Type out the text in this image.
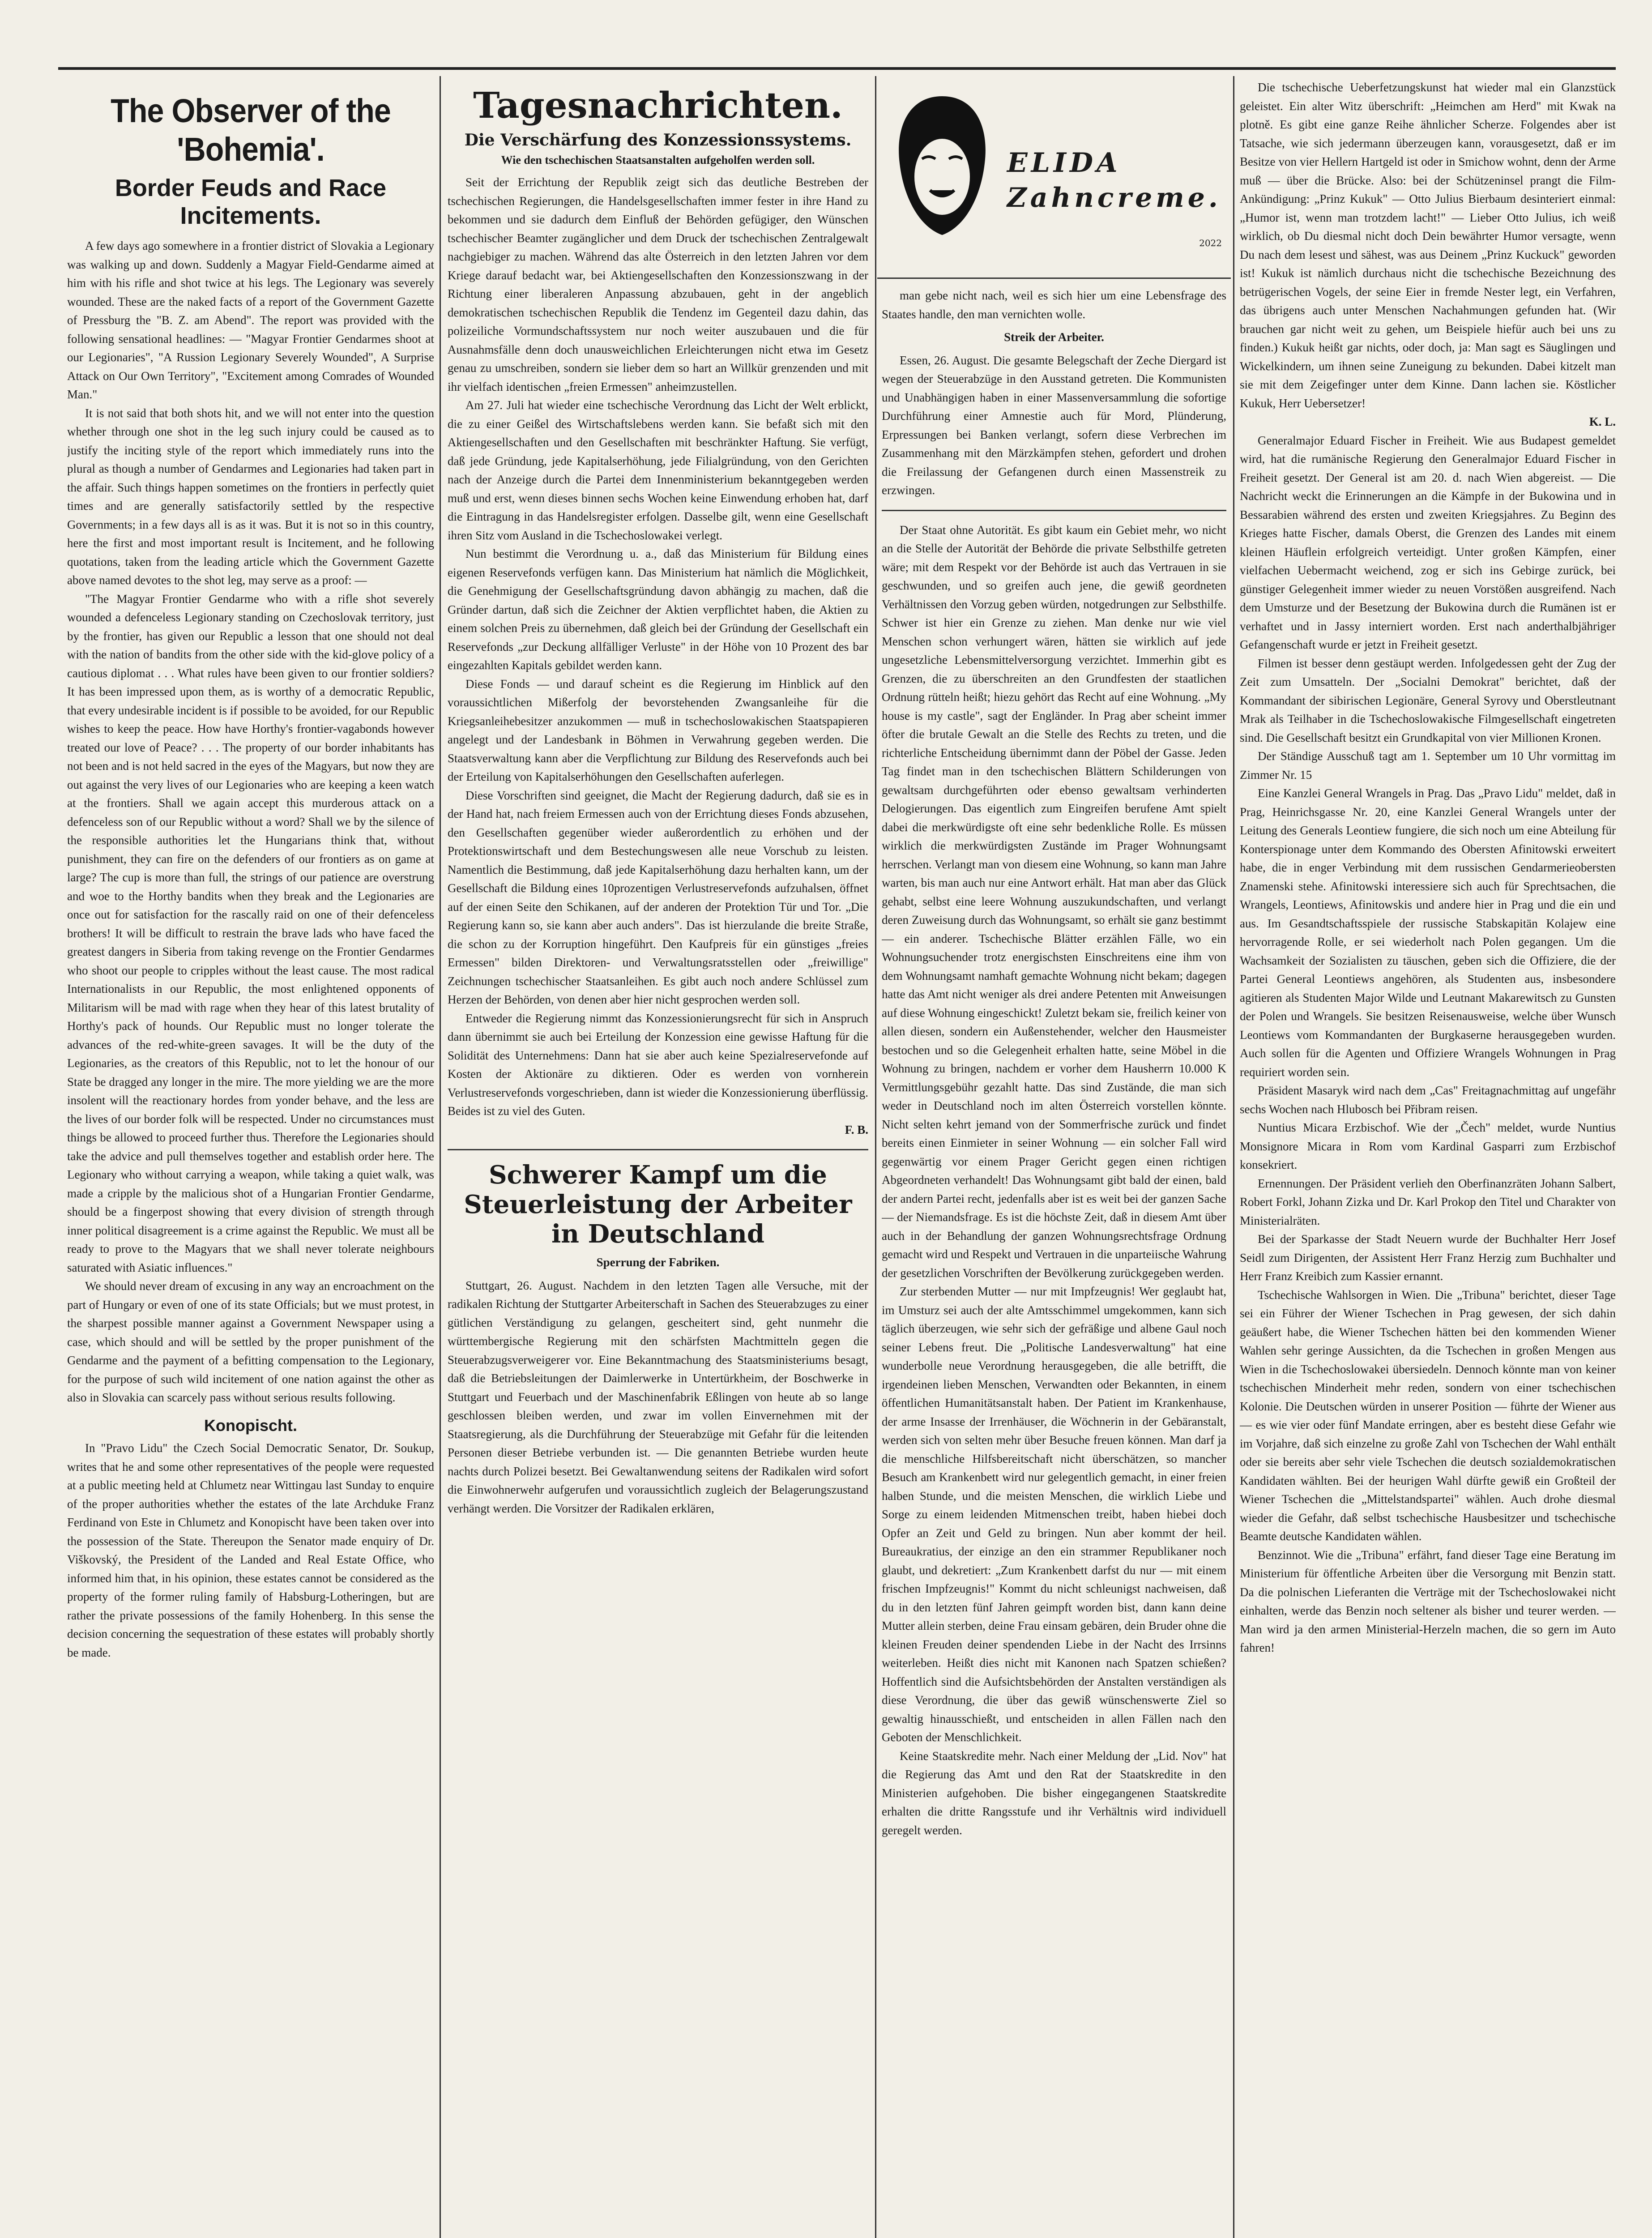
The Observer of the 'Bohemia'.
Border Feuds and Race Incitements.

A few days ago somewhere in a frontier district of Slovakia a Legionary was walking up and down. Suddenly a Magyar Field-Gendarme aimed at him with his rifle and shot twice at his legs. The Legionary was severely wounded. These are the naked facts of a report of the Government Gazette of Pressburg the "B. Z. am Abend". The report was provided with the following sensational headlines: — "Magyar Frontier Gendarmes shoot at our Legionaries", "A Russion Legionary Severely Wounded", A Surprise Attack on Our Own Territory", "Excitement among Comrades of Wounded Man."

It is not said that both shots hit, and we will not enter into the question whether through one shot in the leg such injury could be caused as to justify the inciting style of the report which immediately runs into the plural as though a number of Gendarmes and Legionaries had taken part in the affair. Such things happen sometimes on the frontiers in perfectly quiet times and are generally satisfactorily settled by the respective Governments; in a few days all is as it was. But it is not so in this country, here the first and most important result is Incitement, and he following quotations, taken from the leading article which the Government Gazette above named devotes to the shot leg, may serve as a proof: —

"The Magyar Frontier Gendarme who with a rifle shot severely wounded a defenceless Legionary standing on Czechoslovak territory, just by the frontier, has given our Republic a lesson that one should not deal with the nation of bandits from the other side with the kid-glove policy of a cautious diplomat . . . What rules have been given to our frontier soldiers? It has been impressed upon them, as is worthy of a democratic Republic, that every undesirable incident is if possible to be avoided, for our Republic wishes to keep the peace. How have Horthy's frontier-vagabonds however treated our love of Peace? . . . The property of our border inhabitants has not been and is not held sacred in the eyes of the Magyars, but now they are out against the very lives of our Legionaries who are keeping a keen watch at the frontiers. Shall we again accept this murderous attack on a defenceless son of our Republic without a word? Shall we by the silence of the responsible authorities let the Hungarians think that, without punishment, they can fire on the defenders of our frontiers as on game at large? The cup is more than full, the strings of our patience are overstrung and woe to the Horthy bandits when they break and the Legionaries are once out for satisfaction for the rascally raid on one of their defenceless brothers! It will be difficult to restrain the brave lads who have faced the greatest dangers in Siberia from taking revenge on the Frontier Gendarmes who shoot our people to cripples without the least cause. The most radical Internationalists in our Republic, the most enlightened opponents of Militarism will be mad with rage when they hear of this latest brutality of Horthy's pack of hounds. Our Republic must no longer tolerate the advances of the red-white-green savages. It will be the duty of the Legionaries, as the creators of this Republic, not to let the honour of our State be dragged any longer in the mire. The more yielding we are the more insolent will the reactionary hordes from yonder behave, and the less are the lives of our border folk will be respected. Under no circumstances must things be allowed to proceed further thus. Therefore the Legionaries should take the advice and pull themselves together and establish order here. The Legionary who without carrying a weapon, while taking a quiet walk, was made a cripple by the malicious shot of a Hungarian Frontier Gendarme, should be a fingerpost showing that every division of strength through inner political disagreement is a crime against the Republic. We must all be ready to prove to the Magyars that we shall never tolerate neighbours saturated with Asiatic influences."

We should never dream of excusing in any way an encroachment on the part of Hungary or even of one of its state Officials; but we must protest, in the sharpest possible manner against a Government Newspaper using a case, which should and will be settled by the proper punishment of the Gendarme and the payment of a befitting compensation to the Legionary, for the purpose of such wild incitement of one nation against the other as also in Slovakia can scarcely pass without serious results following.

Konopischt.

In "Pravo Lidu" the Czech Social Democratic Senator, Dr. Soukup, writes that he and some other representatives of the people were requested at a public meeting held at Chlumetz near Wittingau last Sunday to enquire of the proper authorities whether the estates of the late Archduke Franz Ferdinand von Este in Chlumetz and Konopischt have been taken over into the possession of the State. Thereupon the Senator made enquiry of Dr. Viškovský, the President of the Landed and Real Estate Office, who informed him that, in his opinion, these estates cannot be considered as the property of the former ruling family of Habsburg-Lotheringen, but are rather the private possessions of the family Hohenberg. In this sense the decision concerning the sequestration of these estates will probably shortly be made.

Tagesnachrichten.
Die Verschärfung des Konzessionssystems.
Wie den tschechischen Staatsanstalten aufgeholfen werden soll.

Seit der Errichtung der Republik zeigt sich das deutliche Bestreben der tschechischen Regierungen, die Handelsgesellschaften immer fester in ihre Hand zu bekommen und sie dadurch dem Einfluß der Behörden gefügiger, den Wünschen tschechischer Beamter zugänglicher und dem Druck der tschechischen Zentralgewalt nachgiebiger zu machen. Während das alte Österreich in den letzten Jahren vor dem Kriege darauf bedacht war, bei Aktiengesellschaften den Konzessionszwang in der Richtung einer liberaleren Anpassung abzubauen, geht in der angeblich demokratischen tschechischen Republik die Tendenz im Gegenteil dazu dahin, das polizeiliche Vormundschaftssystem nur noch weiter auszubauen und die für Ausnahmsfälle denn doch unausweichlichen Erleichterungen nicht etwa im Gesetz genau zu umschreiben, sondern sie lieber dem so hart an Willkür grenzenden und mit ihr vielfach identischen „freien Ermessen" anheimzustellen.

Am 27. Juli hat wieder eine tschechische Verordnung das Licht der Welt erblickt, die zu einer Geißel des Wirtschaftslebens werden kann. Sie befaßt sich mit den Aktiengesellschaften und den Gesellschaften mit beschränkter Haftung. Sie verfügt, daß jede Gründung, jede Kapitalserhöhung, jede Filialgründung, von den Gerichten nach der Anzeige durch die Partei dem Innenministerium bekanntgegeben werden muß und erst, wenn dieses binnen sechs Wochen keine Einwendung erhoben hat, darf die Eintragung in das Handelsregister erfolgen. Dasselbe gilt, wenn eine Gesellschaft ihren Sitz vom Ausland in die Tschechoslowakei verlegt.

Nun bestimmt die Verordnung u. a., daß das Ministerium für Bildung eines eigenen Reservefonds verfügen kann. Das Ministerium hat nämlich die Möglichkeit, die Genehmigung der Gesellschaftsgründung davon abhängig zu machen, daß die Gründer dartun, daß sich die Zeichner der Aktien verpflichtet haben, die Aktien zu einem solchen Preis zu übernehmen, daß gleich bei der Gründung der Gesellschaft ein Reservefonds „zur Deckung allfälliger Verluste" in der Höhe von 10 Prozent des bar eingezahlten Kapitals gebildet werden kann.

Diese Fonds — und darauf scheint es die Regierung im Hinblick auf den voraussichtlichen Mißerfolg der bevorstehenden Zwangsanleihe für die Kriegsanleihebesitzer anzukommen — muß in tschechoslowakischen Staatspapieren angelegt und der Landesbank in Böhmen in Verwahrung gegeben werden. Die Staatsverwaltung kann aber die Verpflichtung zur Bildung des Reservefonds auch bei der Erteilung von Kapitalserhöhungen den Gesellschaften auferlegen.

Diese Vorschriften sind geeignet, die Macht der Regierung dadurch, daß sie es in der Hand hat, nach freiem Ermessen auch von der Errichtung dieses Fonds abzusehen, den Gesellschaften gegenüber wieder außerordentlich zu erhöhen und der Protektionswirtschaft und dem Bestechungswesen alle neue Vorschub zu leisten. Namentlich die Bestimmung, daß jede Kapitalserhöhung dazu herhalten kann, um der Gesellschaft die Bildung eines 10prozentigen Verlustreservefonds aufzuhalsen, öffnet auf der einen Seite den Schikanen, auf der anderen der Protektion Tür und Tor. „Die Regierung kann so, sie kann aber auch anders". Das ist hierzulande die breite Straße, die schon zu der Korruption hingeführt. Den Kaufpreis für ein günstiges „freies Ermessen" bilden Direktoren- und Verwaltungsratsstellen oder „freiwillige" Zeichnungen tschechischer Staatsanleihen. Es gibt auch noch andere Schlüssel zum Herzen der Behörden, von denen aber hier nicht gesprochen werden soll.

Entweder die Regierung nimmt das Konzessionierungsrecht für sich in Anspruch dann übernimmt sie auch bei Erteilung der Konzession eine gewisse Haftung für die Solidität des Unternehmens: Dann hat sie aber auch keine Spezialreservefonde auf Kosten der Aktionäre zu diktieren. Oder es werden von vornherein Verlustreservefonds vorgeschrieben, dann ist wieder die Konzessionierung überflüssig. Beides ist zu viel des Guten.

F. B.
Schwerer Kampf um die Steuerleistung der Arbeiter in Deutschland
Sperrung der Fabriken.

Stuttgart, 26. August. Nachdem in den letzten Tagen alle Versuche, mit der radikalen Richtung der Stuttgarter Arbeiterschaft in Sachen des Steuerabzuges zu einer gütlichen Verständigung zu gelangen, gescheitert sind, geht nunmehr die württembergische Regierung mit den schärfsten Machtmitteln gegen die Steuerabzugsverweigerer vor. Eine Bekanntmachung des Staatsministeriums besagt, daß die Betriebsleitungen der Daimlerwerke in Untertürkheim, der Boschwerke in Stuttgart und Feuerbach und der Maschinenfabrik Eßlingen von heute ab so lange geschlossen bleiben werden, und zwar im vollen Einvernehmen mit der Staatsregierung, als die Durchführung der Steuerabzüge mit Gefahr für die leitenden Personen dieser Betriebe verbunden ist. — Die genannten Betriebe wurden heute nachts durch Polizei besetzt. Bei Gewaltanwendung seitens der Radikalen wird sofort die Einwohnerwehr aufgerufen und voraussichtlich zugleich der Belagerungszustand verhängt werden. Die Vorsitzer der Radikalen erklären,

ELIDA
Zahncreme.
2022

man gebe nicht nach, weil es sich hier um eine Lebensfrage des Staates handle, den man vernichten wolle.

Streik der Arbeiter.

Essen, 26. August. Die gesamte Belegschaft der Zeche Diergard ist wegen der Steuerabzüge in den Ausstand getreten. Die Kommunisten und Unabhängigen haben in einer Massenversammlung die sofortige Durchführung einer Amnestie auch für Mord, Plünderung, Erpressungen bei Banken verlangt, sofern diese Verbrechen im Zusammenhang mit den Märzkämpfen stehen, gefordert und drohen die Freilassung der Gefangenen durch einen Massenstreik zu erzwingen.

Der Staat ohne Autorität. Es gibt kaum ein Gebiet mehr, wo nicht an die Stelle der Autorität der Behörde die private Selbsthilfe getreten wäre; mit dem Respekt vor der Behörde ist auch das Vertrauen in sie geschwunden, und so greifen auch jene, die gewiß geordneten Verhältnissen den Vorzug geben würden, notgedrungen zur Selbsthilfe. Schwer ist hier ein Grenze zu ziehen. Man denke nur wie viel Menschen schon verhungert wären, hätten sie wirklich auf jede ungesetzliche Lebensmittelversorgung verzichtet. Immerhin gibt es Grenzen, die zu überschreiten an den Grundfesten der staatlichen Ordnung rütteln heißt; hiezu gehört das Recht auf eine Wohnung. „My house is my castle", sagt der Engländer. In Prag aber scheint immer öfter die brutale Gewalt an die Stelle des Rechts zu treten, und die richterliche Entscheidung übernimmt dann der Pöbel der Gasse. Jeden Tag findet man in den tschechischen Blättern Schilderungen von gewaltsam durchgeführten oder ebenso gewaltsam verhinderten Delogierungen. Das eigentlich zum Eingreifen berufene Amt spielt dabei die merkwürdigste oft eine sehr bedenkliche Rolle. Es müssen wirklich die merkwürdigsten Zustände im Prager Wohnungsamt herrschen. Verlangt man von diesem eine Wohnung, so kann man Jahre warten, bis man auch nur eine Antwort erhält. Hat man aber das Glück gehabt, selbst eine leere Wohnung auszukundschaften, und verlangt deren Zuweisung durch das Wohnungsamt, so erhält sie ganz bestimmt — ein anderer. Tschechische Blätter erzählen Fälle, wo ein Wohnungsuchender trotz energischsten Einschreitens eine ihm von dem Wohnungsamt namhaft gemachte Wohnung nicht bekam; dagegen hatte das Amt nicht weniger als drei andere Petenten mit Anweisungen auf diese Wohnung eingeschickt! Zuletzt bekam sie, freilich keiner von allen diesen, sondern ein Außenstehender, welcher den Hausmeister bestochen und so die Gelegenheit erhalten hatte, seine Möbel in die Wohnung zu bringen, nachdem er vorher dem Hausherrn 10.000 K Vermittlungsgebühr gezahlt hatte. Das sind Zustände, die man sich weder in Deutschland noch im alten Österreich vorstellen könnte. Nicht selten kehrt jemand von der Sommerfrische zurück und findet bereits einen Einmieter in seiner Wohnung — ein solcher Fall wird gegenwärtig vor einem Prager Gericht gegen einen richtigen Abgeordneten verhandelt! Das Wohnungsamt gibt bald der einen, bald der andern Partei recht, jedenfalls aber ist es weit bei der ganzen Sache — der Niemandsfrage. Es ist die höchste Zeit, daß in diesem Amt über auch in der Behandlung der ganzen Wohnungsrechtsfrage Ordnung gemacht wird und Respekt und Vertrauen in die unparteiische Wahrung der gesetzlichen Vorschriften der Bevölkerung zurückgegeben werden.

Zur sterbenden Mutter — nur mit Impfzeugnis! Wer geglaubt hat, im Umsturz sei auch der alte Amtsschimmel umgekommen, kann sich täglich überzeugen, wie sehr sich der gefräßige und albene Gaul noch seiner Lebens freut. Die „Politische Landesverwaltung" hat eine wunderbolle neue Verordnung herausgegeben, die alle betrifft, die irgendeinen lieben Menschen, Verwandten oder Bekannten, in einem öffentlichen Humanitätsanstalt haben. Der Patient im Krankenhause, der arme Insasse der Irrenhäuser, die Wöchnerin in der Gebäranstalt, werden sich von selten mehr über Besuche freuen können. Man darf ja die menschliche Hilfsbereitschaft nicht überschätzen, so mancher Besuch am Krankenbett wird nur gelegentlich gemacht, in einer freien halben Stunde, und die meisten Menschen, die wirklich Liebe und Sorge zu einem leidenden Mitmenschen treibt, haben hiebei doch Opfer an Zeit und Geld zu bringen. Nun aber kommt der heil. Bureaukratius, der einzige an den ein strammer Republikaner noch glaubt, und dekretiert: „Zum Krankenbett darfst du nur — mit einem frischen Impfzeugnis!" Kommt du nicht schleunigst nachweisen, daß du in den letzten fünf Jahren geimpft worden bist, dann kann deine Mutter allein sterben, deine Frau einsam gebären, dein Bruder ohne die kleinen Freuden deiner spendenden Liebe in der Nacht des Irrsinns weiterleben. Heißt dies nicht mit Kanonen nach Spatzen schießen? Hoffentlich sind die Aufsichtsbehörden der Anstalten verständigen als diese Verordnung, die über das gewiß wünschenswerte Ziel so gewaltig hinausschießt, und entscheiden in allen Fällen nach den Geboten der Menschlichkeit.

Keine Staatskredite mehr. Nach einer Meldung der „Lid. Nov" hat die Regierung das Amt und den Rat der Staatskredite in den Ministerien aufgehoben. Die bisher eingegangenen Staatskredite erhalten die dritte Rangsstufe und ihr Verhältnis wird individuell geregelt werden.

Die tschechische Ueberfetzungskunst hat wieder mal ein Glanzstück geleistet. Ein alter Witz überschrift: „Heimchen am Herd" mit Kwak na plotně. Es gibt eine ganze Reihe ähnlicher Scherze. Folgendes aber ist Tatsache, wie sich jedermann überzeugen kann, vorausgesetzt, daß er im Besitze von vier Hellern Hartgeld ist oder in Smichow wohnt, denn der Arme muß — über die Brücke. Also: bei der Schützeninsel prangt die Film-Ankündigung: „Prinz Kukuk" — Otto Julius Bierbaum desinteriert einmal: „Humor ist, wenn man trotzdem lacht!" — Lieber Otto Julius, ich weiß wirklich, ob Du diesmal nicht doch Dein bewährter Humor versagte, wenn Du nach dem lesest und sähest, was aus Deinem „Prinz Kuckuck" geworden ist! Kukuk ist nämlich durchaus nicht die tschechische Bezeichnung des betrügerischen Vogels, der seine Eier in fremde Nester legt, ein Verfahren, das übrigens auch unter Menschen Nachahmungen gefunden hat. (Wir brauchen gar nicht weit zu gehen, um Beispiele hiefür auch bei uns zu finden.) Kukuk heißt gar nichts, oder doch, ja: Man sagt es Säuglingen und Wickelkindern, um ihnen seine Zuneigung zu bekunden. Dabei kitzelt man sie mit dem Zeigefinger unter dem Kinne. Dann lachen sie. Köstlicher Kukuk, Herr Uebersetzer!

K. L.

Generalmajor Eduard Fischer in Freiheit. Wie aus Budapest gemeldet wird, hat die rumänische Regierung den Generalmajor Eduard Fischer in Freiheit gesetzt. Der General ist am 20. d. nach Wien abgereist. — Die Nachricht weckt die Erinnerungen an die Kämpfe in der Bukowina und in Bessarabien während des ersten und zweiten Kriegsjahres. Zu Beginn des Krieges hatte Fischer, damals Oberst, die Grenzen des Landes mit einem kleinen Häuflein erfolgreich verteidigt. Unter großen Kämpfen, einer vielfachen Uebermacht weichend, zog er sich ins Gebirge zurück, bei günstiger Gelegenheit immer wieder zu neuen Vorstößen ausgreifend. Nach dem Umsturze und der Besetzung der Bukowina durch die Rumänen ist er verhaftet und in Jassy interniert worden. Erst nach anderthalbjähriger Gefangenschaft wurde er jetzt in Freiheit gesetzt.

Filmen ist besser denn gestäupt werden. Infolgedessen geht der Zug der Zeit zum Umsatteln. Der „Socialni Demokrat" berichtet, daß der Kommandant der sibirischen Legionäre, General Syrovy und Oberstleutnant Mrak als Teilhaber in die Tschechoslowakische Filmgesellschaft eingetreten sind. Die Gesellschaft besitzt ein Grundkapital von vier Millionen Kronen.

Der Ständige Ausschuß tagt am 1. September um 10 Uhr vormittag im Zimmer Nr. 15

Eine Kanzlei General Wrangels in Prag. Das „Pravo Lidu" meldet, daß in Prag, Heinrichsgasse Nr. 20, eine Kanzlei General Wrangels unter der Leitung des Generals Leontiew fungiere, die sich noch um eine Abteilung für Konterspionage unter dem Kommando des Obersten Afinitowski erweitert habe, die in enger Verbindung mit dem russischen Gendarmerieobersten Znamenski stehe. Afinitowski interessiere sich auch für Sprechtsachen, die Wrangels, Leontiews, Afinitowskis und andere hier in Prag und die ein und aus. Im Gesandtschaftsspiele der russische Stabskapitän Kolajew eine hervorragende Rolle, er sei wiederholt nach Polen gegangen. Um die Wachsamkeit der Sozialisten zu täuschen, geben sich die Offiziere, die der Partei General Leontiews angehören, als Studenten aus, insbesondere agitieren als Studenten Major Wilde und Leutnant Makarewitsch zu Gunsten der Polen und Wrangels. Sie besitzen Reisenausweise, welche über Wunsch Leontiews vom Kommandanten der Burgkaserne herausgegeben wurden. Auch sollen für die Agenten und Offiziere Wrangels Wohnungen in Prag requiriert worden sein.

Präsident Masaryk wird nach dem „Cas" Freitagnachmittag auf ungefähr sechs Wochen nach Hlubosch bei Přibram reisen.

Nuntius Micara Erzbischof. Wie der „Čech" meldet, wurde Nuntius Monsignore Micara in Rom vom Kardinal Gasparri zum Erzbischof konsekriert.

Ernennungen. Der Präsident verlieh den Oberfinanzräten Johann Salbert, Robert Forkl, Johann Zizka und Dr. Karl Prokop den Titel und Charakter von Ministerialräten.

Bei der Sparkasse der Stadt Neuern wurde der Buchhalter Herr Josef Seidl zum Dirigenten, der Assistent Herr Franz Herzig zum Buchhalter und Herr Franz Kreibich zum Kassier ernannt.

Tschechische Wahlsorgen in Wien. Die „Tribuna" berichtet, dieser Tage sei ein Führer der Wiener Tschechen in Prag gewesen, der sich dahin geäußert habe, die Wiener Tschechen hätten bei den kommenden Wiener Wahlen sehr geringe Aussichten, da die Tschechen in großen Mengen aus Wien in die Tschechoslowakei übersiedeln. Dennoch könnte man von keiner tschechischen Minderheit mehr reden, sondern von einer tschechischen Kolonie. Die Deutschen würden in unserer Position — führte der Wiener aus — es wie vier oder fünf Mandate erringen, aber es besteht diese Gefahr wie im Vorjahre, daß sich einzelne zu große Zahl von Tschechen der Wahl enthält oder sie bereits aber sehr viele Tschechen die deutsch sozialdemokratischen Kandidaten wählten. Bei der heurigen Wahl dürfte gewiß ein Großteil der Wiener Tschechen die „Mittelstandspartei" wählen. Auch drohe diesmal wieder die Gefahr, daß selbst tschechische Hausbesitzer und tschechische Beamte deutsche Kandidaten wählen.

Benzinnot. Wie die „Tribuna" erfährt, fand dieser Tage eine Beratung im Ministerium für öffentliche Arbeiten über die Versorgung mit Benzin statt. Da die polnischen Lieferanten die Verträge mit der Tschechoslowakei nicht einhalten, werde das Benzin noch seltener als bisher und teurer werden. — Man wird ja den armen Ministerial-Herzeln machen, die so gern im Auto fahren!
